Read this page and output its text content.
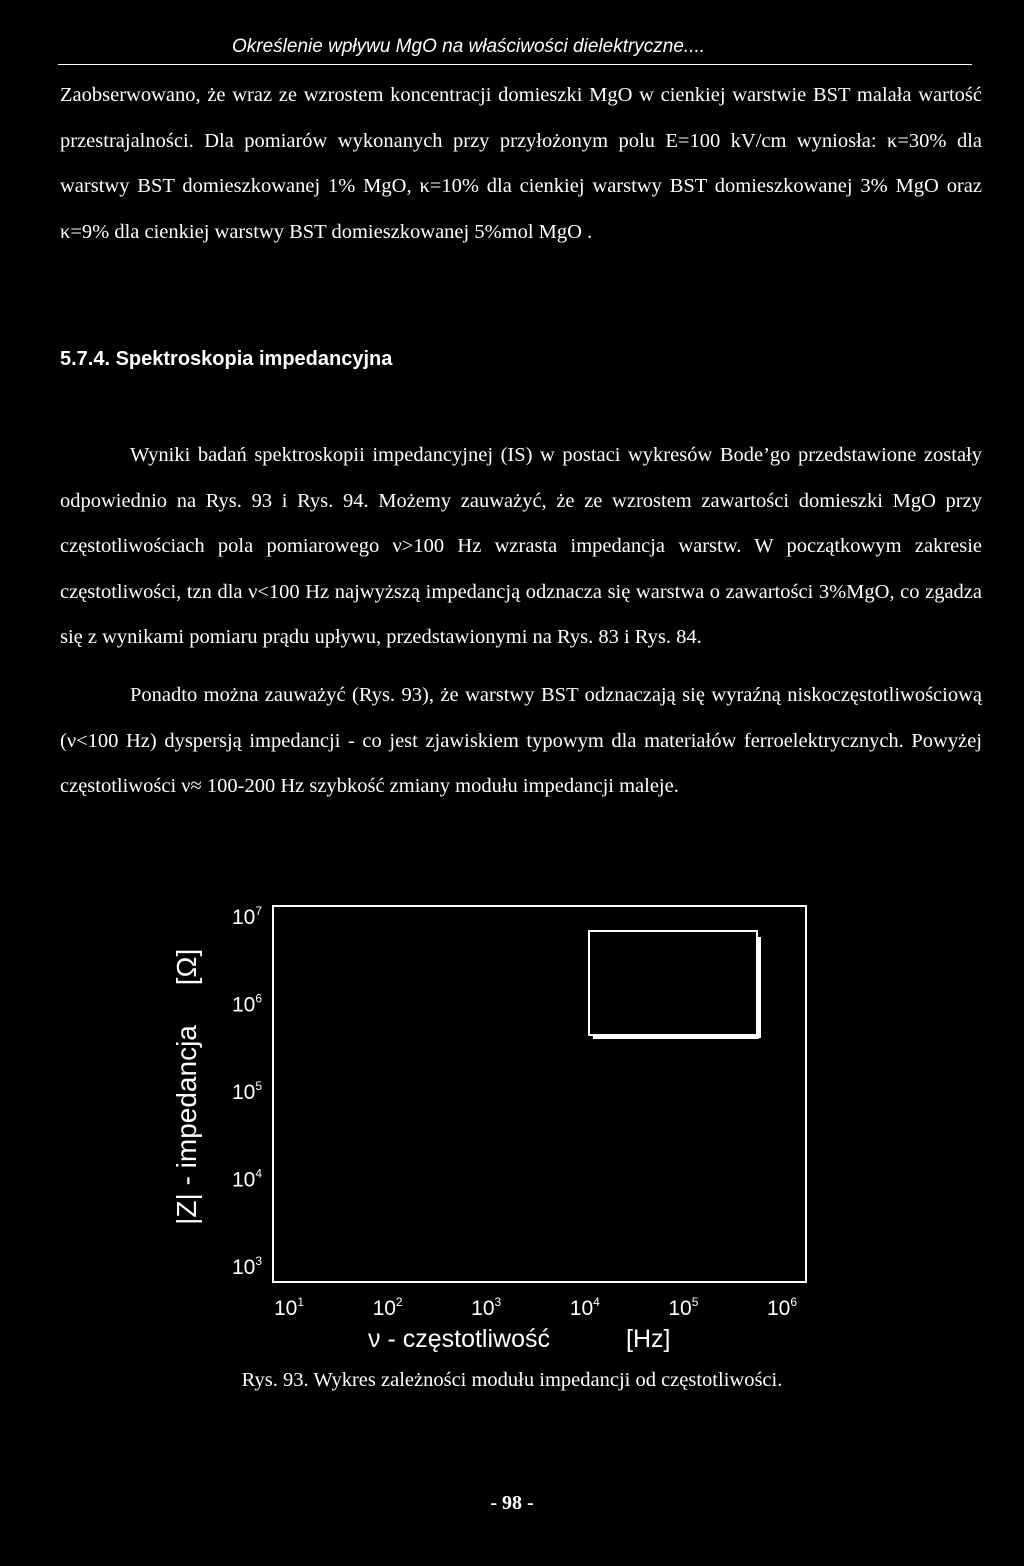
Określenie wpływu MgO na właściwości dielektryczne....

Zaobserwowano, że wraz ze wzrostem koncentracji domieszki MgO w cienkiej warstwie BST malała wartość przestrajalności. Dla pomiarów wykonanych przy przyłożonym polu E=100 kV/cm wyniosła: κ=30% dla warstwy BST domieszkowanej 1% MgO, κ=10% dla cienkiej warstwy BST domieszkowanej 3% MgO oraz κ=9% dla cienkiej warstwy BST domieszkowanej 5%mol MgO .

5.7.4. Spektroskopia impedancyjna

Wyniki badań spektroskopii impedancyjnej (IS) w postaci wykresów Bode’go przedstawione zostały odpowiednio na Rys. 93 i Rys. 94. Możemy zauważyć, że ze wzrostem zawartości domieszki MgO przy częstotliwościach pola pomiarowego ν>100 Hz wzrasta impedancja warstw. W początkowym zakresie częstotliwości, tzn dla ν<100 Hz najwyższą impedancją odznacza się warstwa o zawartości 3%MgO, co zgadza się z wynikami pomiaru prądu upływu, przedstawionymi na Rys. 83 i Rys. 84.

Ponadto można zauważyć (Rys. 93), że warstwy BST odznaczają się wyraźną niskoczęstotliwościową (ν<100 Hz) dyspersją impedancji - co jest zjawiskiem typowym dla materiałów ferroelektrycznych. Powyżej częstotliwości ν≈ 100-200 Hz szybkość zmiany modułu impedancji maleje.

|Z| - impedancja
[Ω]
$10^7$
$10^6$
$10^5$
$10^4$
$10^3$
$10^1$	$10^2$	$10^3$	$10^4$	$10^5$	$10^6$
ν - częstotliwość	[Hz]
Rys. 93. Wykres zależności modułu impedancji od częstotliwości.
- 98 -
